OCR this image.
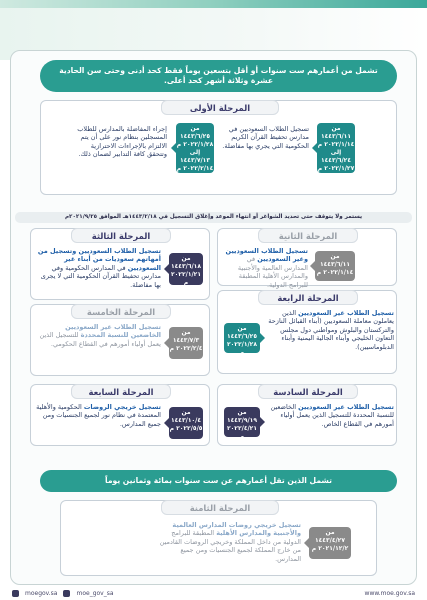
تشمل من أعمارهم ست سنوات أو أقل بتسعين يوماً فقط كحد أدنى وحتى سن الحادية عشرة وثلاثة أشهر كحد أعلى.
المرحلة الأولى
من
١٤٤٣/٦/١١
٢٠٢٢/١/١٤ م
إلى
١٤٤٣/٦/٢٤
٢٠٢٢/١/٢٧ م
تسجيل الطلاب السعوديين في مدارس تحفيظ القرآن الكريم الحكومية التي يجري بها مفاضلة.
من
١٤٤٣/٦/٢٥
٢٠٢٢/١/٢٨ م
إلى
١٤٤٣/٧/١٣
٢٠٢٢/٢/١٤ م
إجراء المفاضلة بالمدارس للطلاب المسجلين بنظام نور على أن يتم الالتزام بالإجراءات الاحترازية وتتحقق كافة التدابير لضمان ذلك.
يستمر ولا يتوقف حتى تحديد الشواغر أو انتهاء الموعد وإغلاق التسجيل في ١٤٤٣/٢/١٨هـ الموافق ٢٠٢١/٩/٢٥م
المرحلة الثانية
من
١٤٤٣/٦/١١
٢٠٢٢/١/١٤ م
تسجيل الطلاب السعوديين وغير السعوديين في المدارس العالمية والأجنبية والمدارس الأهلية المطبقة للبرامج الدولية.
المرحلة الثالثة
من
١٤٤٣/٦/١٨
٢٠٢٢/١/٢١ م
تسجيل الطلاب السعوديين وتسجيل من أمهاتهم سعوديات من أبناء غير السعوديين في المدارس الحكومية وفي مدارس تحفيظ القرآن الحكومية التي لا يجرى بها مفاضلة.
المرحلة الرابعة
من
١٤٤٣/٦/٢٥
٢٠٢٢/١/٢٨ م
تسجيل الطلاب غير السعوديين الذين يعاملون معاملة السعوديين (أبناء القبائل النازحة والتركستان والبلوش ومواطني دول مجلس التعاون الخليجي وأبناء الجالية اليمنية وأبناء الدبلوماسيين).
المرحلة الخامسة
من
١٤٤٣/٧/٣
٢٠٢٢/٢/٤ م
تسجيل الطلاب غير السعوديين الخاضعين للنسبة المحددة للتسجيل الذين يعمل أولياء أمورهم في القطاع الحكومي.
المرحلة السادسة
من
١٤٤٣/٩/١٩
٢٠٢٢/٤/٢١ م
تسجيل الطلاب غير السعوديين الخاضعين للنسبة المحددة للتسجيل الذين يعمل أولياء أمورهم في القطاع الخاص.
المرحلة السابعة
من
١٤٤٣/١٠/٤
٢٠٢٢/٥/٥ م
تسجيل خريجي الروضات الحكومية والأهلية المعتمدة في نظام نور لجميع الجنسيات ومن جميع المدارس.
تشمل الذين تقل أعمارهم عن ست سنوات بمائة وثمانين يوماً
المرحلة الثامنة
من
١٤٤٣/٤/٢٧
٢٠٢١/١٢/٢ م
تسجيل خريجي روضات المدارس العالمية والأجنبية والمدارس الأهلية المطبقة للبرامج الدولية من داخل المملكة وخريجي الروضات القادمين من خارج المملكة لجميع الجنسيات ومن جميع المدارس.
moegov.sa	moe_gov_sa	www.moe.gov.sa
